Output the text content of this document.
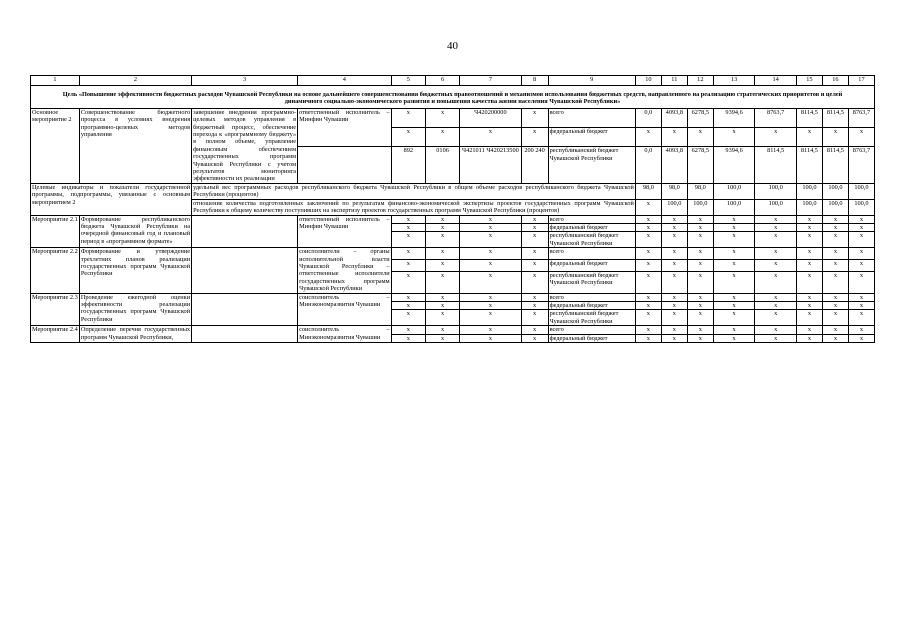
40
1	2	3	4	5	6	7	8	9	10	11	12	13	14	15	16	17
Цель «Повышение эффективности бюджетных расходов Чувашской Республики на основе дальнейшего совершенствования бюджетных правоотношений и механизмов использования бюджетных средств, направленного на реализацию стратегических приоритетов и целей динамичного социально-экономического развития и повышения качества жизни населения Чувашской Республики»																
Основное мероприятие 2	Совершенствование бюджетного процесса в условиях внедрения программно-целевых методов управления	завершение внедрения программно-целевых методов управления в бюджетный процесс, обеспечение перехода к «программному бюджету» в полном объеме, управление финансовым обеспечением государственных программ Чувашской Республики с учетом результатов мониторинга эффективности их реализации	ответственный исполнитель – Минфин Чувашии	x	x	Ч420200000	x	всего	0,0	4093,8	6278,5	9394,6	8763,7	8114,5	8114,5	8763,7
				x	x	x	x	федеральный бюджет	x	x	x	x	x	x	x	x
				892	0106	Ч421011 Ч420213500	200 240	республиканский бюджет Чувашской Республики	0,0	4093,8	6278,5	9394,6	8114,5	8114,5	8114,5	8763,7
Целевые индикаторы и показатели государственной программы, подпрограммы, увязанные с основным мероприятием 2		удельный вес программных расходов республиканского бюджета Чувашской Республики в общем объеме расходов республиканского бюджета Чувашской Республики (процентов)							98,0	98,0	98,0	100,0	100,0	100,0	100,0	100,0
		отношение количества подготовленных заключений по результатам финансово-экономической экспертизы проектов государственных программ Чувашской Республики к общему количеству поступивших на экспертизу проектов государственных программ Чувашской Республики (процентов)							x	100,0	100,0	100,0	100,0	100,0	100,0	100,0
Мероприятие 2.1	Формирование республиканского бюджета Чувашской Республики на очередной финансовый год и плановый период в «программном формате»		ответственный исполнитель – Минфин Чувашии	x	x	x	x	всего	x	x	x	x	x	x	x	x
				x	x	x	x	федеральный бюджет	x	x	x	x	x	x	x	x
				x	x	x	x	республиканский бюджет Чувашской Республики	x	x	x	x	x	x	x	x
Мероприятие 2.2	Формирование и утверждение трехлетних планов реализации государственных программ Чувашской Республики		соисполнители – органы исполнительной власти Чувашской Республики – ответственные исполнители государственных программ Чувашской Республики	x	x	x	x	всего	x	x	x	x	x	x	x	x
				x	x	x	x	федеральный бюджет	x	x	x	x	x	x	x	x
				x	x	x	x	республиканский бюджет Чувашской Республики	x	x	x	x	x	x	x	x
Мероприятие 2.3	Проведение ежегодной оценки эффективности реализации государственных программ Чувашской Республики		соисполнитель – Минэкономразвития Чувашии	x	x	x	x	всего	x	x	x	x	x	x	x	x
				x	x	x	x	федеральный бюджет	x	x	x	x	x	x	x	x
				x	x	x	x	республиканский бюджет Чувашской Республики	x	x	x	x	x	x	x	x
Мероприятие 2.4	Определение перечня государственных программ Чувашской Республики,		соисполнитель – Минэкономразвития Чувашии	x	x	x	x	всего	x	x	x	x	x	x	x	x
				x	x	x	x	федеральный бюджет	x	x	x	x	x	x	x	x
